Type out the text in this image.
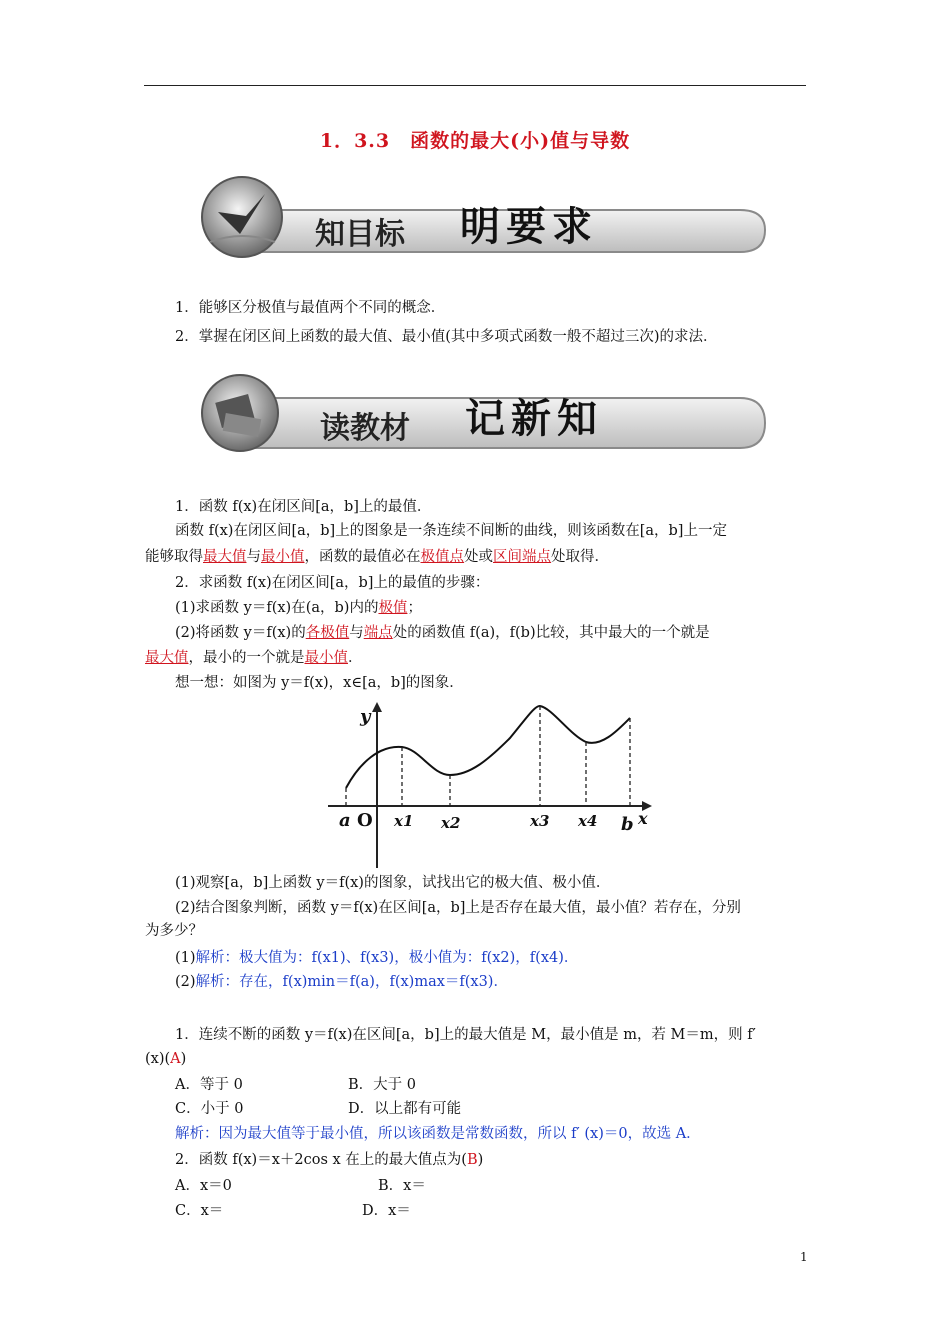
1．3.3　函数的最大(小)值与导数
知目标 明要求
1．能够区分极值与最值两个不同的概念．
2．掌握在闭区间上函数的最大值、最小值(其中多项式函数一般不超过三次)的求法．
读教材 记新知
1．函数 f(x)在闭区间[a，b]上的最值．
函数 f(x)在闭区间[a，b]上的图象是一条连续不间断的曲线，则该函数在[a，b]上一定
能够取得最大值与最小值，函数的最值必在极值点处或区间端点处取得．
2．求函数 f(x)在闭区间[a，b]上的最值的步骤：
(1)求函数 y＝f(x)在(a，b)内的极值；
(2)将函数 y＝f(x)的各极值与端点处的函数值 f(a)，f(b)比较，其中最大的一个就是
最大值，最小的一个就是最小值．
想一想：如图为 y＝f(x)，x∈[a，b]的图象．
y
x
O
a	x1 x2	x3 x4 b
(1)观察[a，b]上函数 y＝f(x)的图象，试找出它的极大值、极小值．
(2)结合图象判断，函数 y＝f(x)在区间[a，b]上是否存在最大值，最小值？若存在，分别
为多少？
(1)解析：极大值为：f(x1)、f(x3)，极小值为：f(x2)，f(x4)．
(2)解析：存在，f(x)min＝f(a)，f(x)max＝f(x3)．
1．连续不断的函数 y＝f(x)在区间[a，b]上的最大值是 M，最小值是 m，若 M＝m，则 f′
(x)(A)
A．等于 0	B．大于 0
C．小于 0	D．以上都有可能
解析：因为最大值等于最小值，所以该函数是常数函数，所以 f′ (x)＝0，故选 A．
2．函数 f(x)＝x＋2cos x 在上的最大值点为(B)
A．x＝0	B．x＝
C．x＝	D．x＝
1
